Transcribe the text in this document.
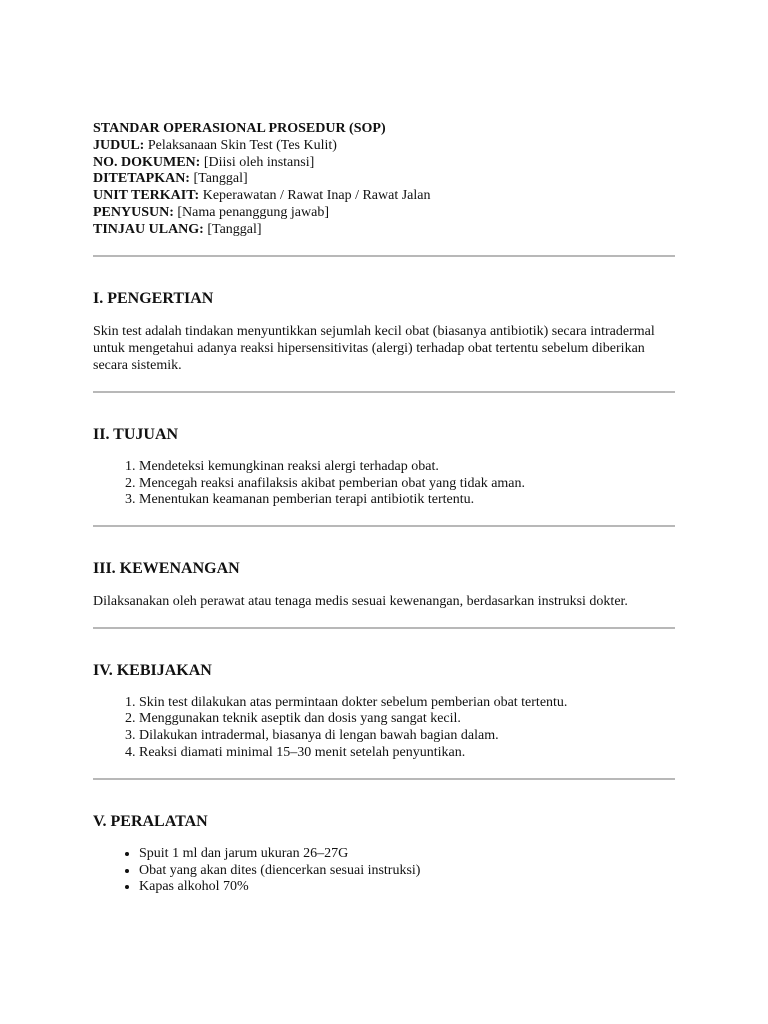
STANDAR OPERASIONAL PROSEDUR (SOP)

JUDUL: Pelaksanaan Skin Test (Tes Kulit)

NO. DOKUMEN: [Diisi oleh instansi]

DITETAPKAN: [Tanggal]

UNIT TERKAIT: Keperawatan / Rawat Inap / Rawat Jalan

PENYUSUN: [Nama penanggung jawab]

TINJAU ULANG: [Tanggal]

I. PENGERTIAN

Skin test adalah tindakan menyuntikkan sejumlah kecil obat (biasanya antibiotik) secara intradermal untuk mengetahui adanya reaksi hipersensitivitas (alergi) terhadap obat tertentu sebelum diberikan secara sistemik.

II. TUJUAN
1. Mendeteksi kemungkinan reaksi alergi terhadap obat.
2. Mencegah reaksi anafilaksis akibat pemberian obat yang tidak aman.
3. Menentukan keamanan pemberian terapi antibiotik tertentu.
III. KEWENANGAN

Dilaksanakan oleh perawat atau tenaga medis sesuai kewenangan, berdasarkan instruksi dokter.

IV. KEBIJAKAN
1. Skin test dilakukan atas permintaan dokter sebelum pemberian obat tertentu.
2. Menggunakan teknik aseptik dan dosis yang sangat kecil.
3. Dilakukan intradermal, biasanya di lengan bawah bagian dalam.
4. Reaksi diamati minimal 15–30 menit setelah penyuntikan.
V. PERALATAN
• Spuit 1 ml dan jarum ukuran 26–27G
• Obat yang akan dites (diencerkan sesuai instruksi)
• Kapas alkohol 70%
